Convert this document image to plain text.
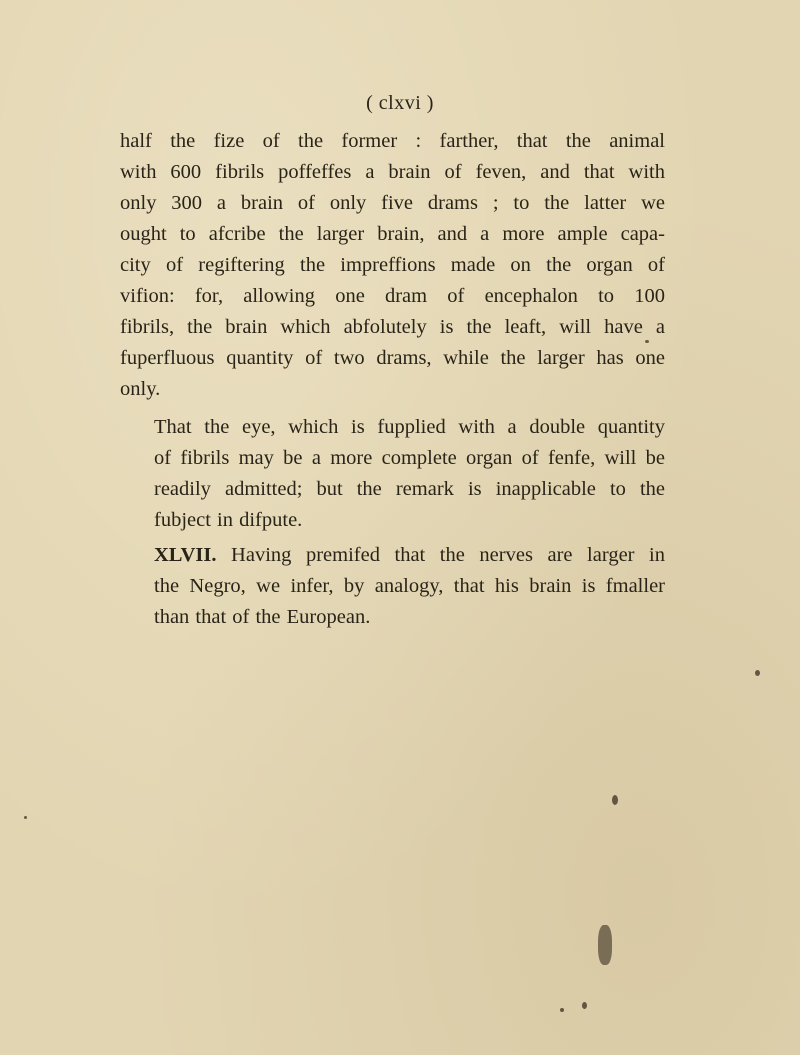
( clxvi )
half the fize of the former : farther, that the animal
with 600 fibrils poffeffes a brain of feven, and that with
only 300 a brain of only five drams ; to the latter we
ought to afcribe the larger brain, and a more ample capa-
city of regiftering the impreffions made on the organ of
vifion: for, allowing one dram of encephalon to 100
fibrils, the brain which abfolutely is the leaft, will have a
fuperfluous quantity of two drams, while the larger has one
only.
That the eye, which is fupplied with a double quantity
of fibrils may be a more complete organ of fenfe, will be
readily admitted; but the remark is inapplicable to the
fubject in difpute.
XLVII. Having premifed that the nerves are larger in
the Negro, we infer, by analogy, that his brain is fmaller
than that of the European.
